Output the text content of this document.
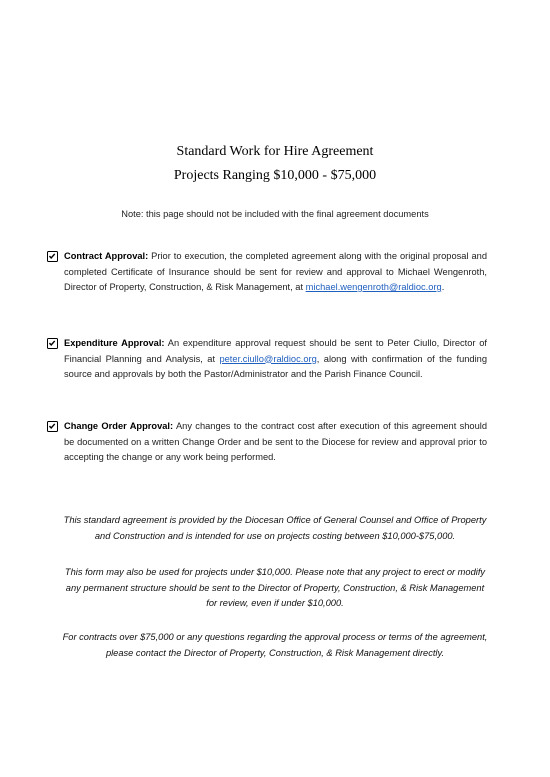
Standard Work for Hire Agreement
Projects Ranging $10,000 - $75,000
Note: this page should not be included with the final agreement documents
Contract Approval: Prior to execution, the completed agreement along with the original proposal and completed Certificate of Insurance should be sent for review and approval to Michael Wengenroth, Director of Property, Construction, & Risk Management, at michael.wengenroth@raldioc.org.
Expenditure Approval: An expenditure approval request should be sent to Peter Ciullo, Director of Financial Planning and Analysis, at peter.ciullo@raldioc.org, along with confirmation of the funding source and approvals by both the Pastor/Administrator and the Parish Finance Council.
Change Order Approval: Any changes to the contract cost after execution of this agreement should be documented on a written Change Order and be sent to the Diocese for review and approval prior to accepting the change or any work being performed.
This standard agreement is provided by the Diocesan Office of General Counsel and Office of Property and Construction and is intended for use on projects costing between $10,000-$75,000.
This form may also be used for projects under $10,000. Please note that any project to erect or modify any permanent structure should be sent to the Director of Property, Construction, & Risk Management for review, even if under $10,000.
For contracts over $75,000 or any questions regarding the approval process or terms of the agreement, please contact the Director of Property, Construction, & Risk Management directly.
